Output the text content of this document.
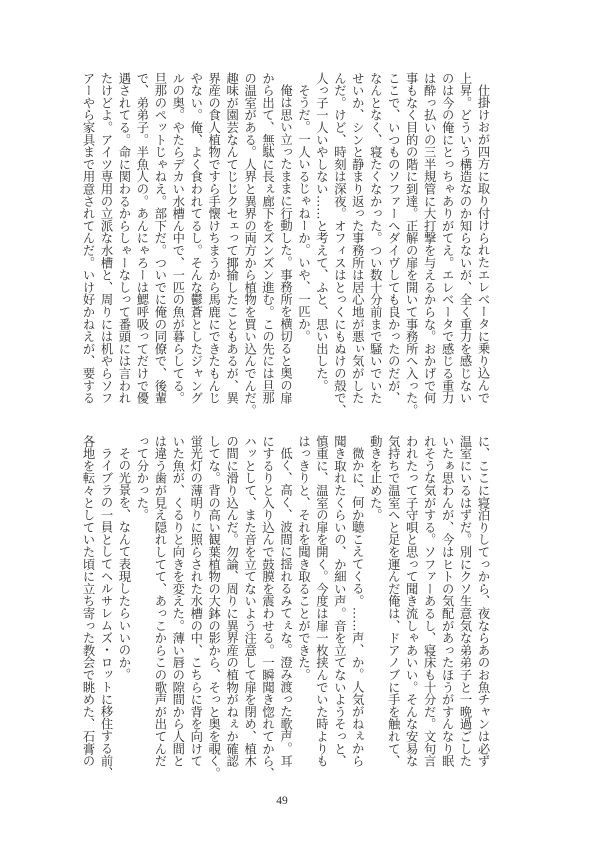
仕掛けおが四方に取り付けられたエレベータに乗り込んで
上昇。どういう構造なのか知らないが、全く重力を感じない
のは今の俺にとっちゃありがてえ。エレベータで感じる重力
は酔っ払いの三半規管に大打撃を与えるからな。おかげで何
事もなく目的の階に到達。正解の扉を開いて事務所へ入った。
ここで、いつものソファーへダイヴしても良かったのだが、
なんとなく、寝たくなかった。つい数十分前まで騒いでいた
せいか、シンと静まり返った事務所は居心地が悪ぃ気がした
んだ。けど、時刻は深夜。オフィスはとっくにもぬけの殻で、
人っ子一人いやしない……と考えて、ふと、思い出した。
そうだ。一人いるじゃねーか。いや、一匹か。
俺は思い立ったままに行動した。事務所を横切ると奥の扉
から出て、無駄に長ぇ廊下をズンズン進む。この先には旦那
の温室がある。人界と異界の両方から植物を買い込んでんだ。
趣味が園芸なんてじじクセェって揶揄したこともあるが、異
界産の食人植物ですら手懐けちまうから馬鹿にできたもんじ
やない。俺、よく食われてるし。そんな鬱蒼としたジャング
ルの奥。やたらデカい水槽ん中で、一匹の魚が暮らしてる。
旦那のペットじゃねえ。部下だ。ついでに俺の同僚で、後輩
で、弟弟子。半魚人の。あんにゃろーは鰓呼吸ってだけで優
遇されてる。命に関わるからしゃーなしって番頭には言われ
たけどよ。アイツ専用の立派な水槽と、周りには机やらソフ
アーやら家具まで用意されてんだ。いけ好かねえが、要する
に、ここに寝泊りしてっから、夜ならあのお魚チャンは必ず
温室にいるはずだ。別にクソ生意気な弟弟子と一晩過ごした
いたぁ思わんが、今はヒトの気配があったほうがすんなり眠
れそうな気がする。ソファーあるし、寝床も十分だ。文句言
われたって子守唄と思って聞き流しゃあいい。そんな安易な
気持ちで温室へと足を運んだ俺は、ドアノブに手を触れて、
動きを止めた。
微かに、何か聴こえてくる。……声、か。人気がねぇから
聞き取れたくらいの、か細い声。音を立てないようそっと、
慎重に、温室の扉を開く。今度は扉一枚挟んでいた時よりも
はっきりと、それを聞き取ることができた。
低く、高く、波間に揺れるみてぇな。澄み渡った歌声。耳
にするりと入り込んで鼓膜を震わせる。一瞬聞き惚れてから、
ハッとして、また音を立てないよう注意して扉を閉め、植木
の間に滑り込んだ。勿論、周りに異界産の植物がねぇか確認
してな。背の高い観葉植物の大鉢の影から、そっと奥を覗く。
蛍光灯の薄明りに照らされた水槽の中、こちらに背を向けて
いた魚が、くるりと向きを変えた。薄い唇の隙間から人間と
は違う歯が見え隠れしてて、あっこからこの歌声が出てんだ
って分かった。
その光景を、なんて表現したらいいのか。
ライブラの一員としてヘルサレムズ・ロットに移住する前、
各地を転々としていた頃に立ち寄った教会で眺めた、石膏の
49
